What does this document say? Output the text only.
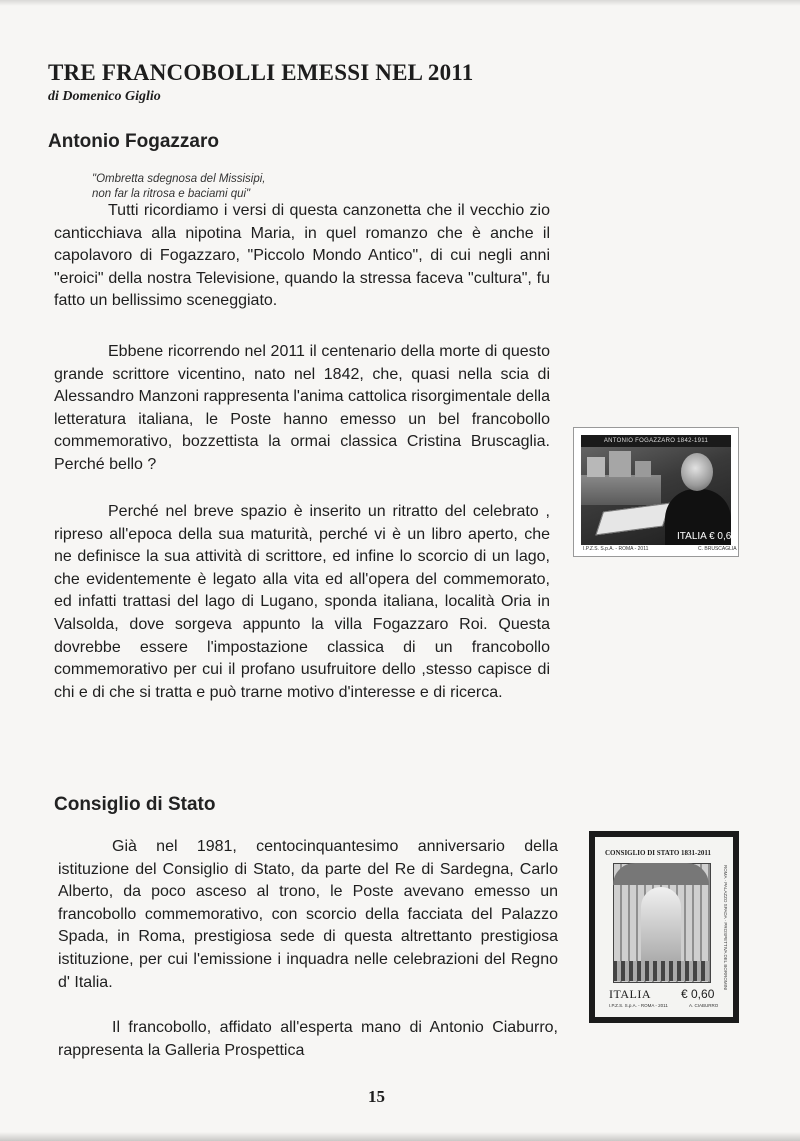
TRE FRANCOBOLLI EMESSI NEL 2011
di Domenico Giglio
Antonio Fogazzaro
"Ombretta sdegnosa del Missisipi,
non far la ritrosa e baciami qui"

Tutti ricordiamo i versi di questa canzonetta che il vecchio zio canticchiava alla nipotina Maria, in quel romanzo che è anche il capolavoro di Fogazzaro, "Piccolo Mondo Antico", di cui negli anni "eroici" della nostra Televisione, quando la stressa faceva "cultura", fu fatto un bellissimo sceneggiato.

Ebbene ricorrendo nel 2011 il centenario della morte di questo grande scrittore vicentino, nato nel 1842, che, quasi nella scia di Alessandro Manzoni rappresenta l'anima cattolica risorgimentale della letteratura italiana, le Poste hanno emesso un bel francobollo commemorativo, bozzettista la ormai classica Cristina Bruscaglia. Perché bello ?

Perché nel breve spazio è inserito un ritratto del celebrato , ripreso all'epoca della sua maturità, perché vi è un libro aperto, che ne definisce la sua attività di scrittore, ed infine lo scorcio di un lago, che evidentemente è legato alla vita ed all'opera del commemorato, ed infatti trattasi del lago di Lugano, sponda italiana, località Oria in Valsolda, dove sorgeva appunto la villa Fogazzaro Roi. Questa dovrebbe essere l'impostazione classica di un francobollo commemorativo per cui il profano usufruitore dello ,stesso capisce di chi e di che si tratta e può trarne motivo d'interesse e di ricerca.

ANTONIO FOGAZZARO 1842-1911
ITALIA € 0,60
I.P.Z.S. S.p.A. - ROMA - 2011	C. BRUSCAGLIA
Consiglio di Stato

Già nel 1981, centocinquantesimo anniversario della istituzione del Consiglio di Stato, da parte del Re di Sardegna, Carlo Alberto, da poco asceso al trono, le Poste avevano emesso un francobollo commemorativo, con scorcio della facciata del Palazzo Spada, in Roma, prestigiosa sede di questa altrettanto prestigiosa istituzione, per cui l'emissione i inquadra nelle celebrazioni del Regno d' Italia.

Il francobollo, affidato all'esperta mano di Antonio Ciaburro, rappresenta la Galleria Prospettica

CONSIGLIO DI STATO 1831-2011
ROMA · PALAZZO SPADA · PROSPETTIVA DEL BORROMINI
ITALIA € 0,60
I.P.Z.S. S.p.A. - ROMA - 2011	A. CIABURRO
15
